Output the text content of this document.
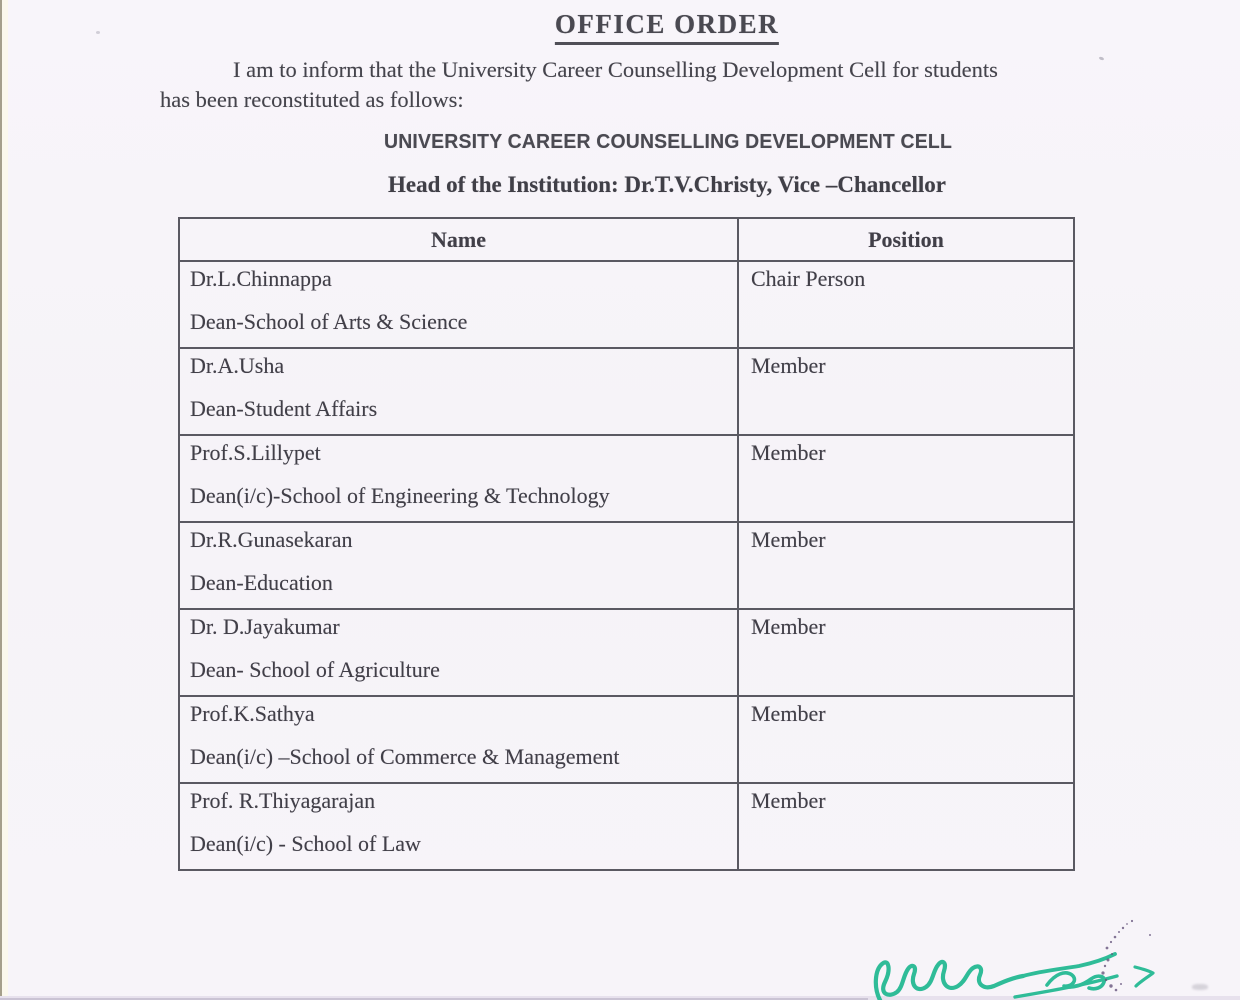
OFFICE ORDER
I am to inform that the University Career Counselling Development Cell for students
has been reconstituted as follows:
UNIVERSITY CAREER COUNSELLING DEVELOPMENT CELL
Head of the Institution: Dr.T.V.Christy, Vice –Chancellor
Name	Position
Dr.L.Chinnappa
Dean-School of Arts & Science
Chair Person
Dr.A.Usha
Dean-Student Affairs
Member
Prof.S.Lillypet
Dean(i/c)-School of Engineering & Technology
Member
Dr.R.Gunasekaran
Dean-Education
Member
Dr. D.Jayakumar
Dean- School of Agriculture
Member
Prof.K.Sathya
Dean(i/c) –School of Commerce & Management
Member
Prof. R.Thiyagarajan
Dean(i/c) - School of Law
Member
